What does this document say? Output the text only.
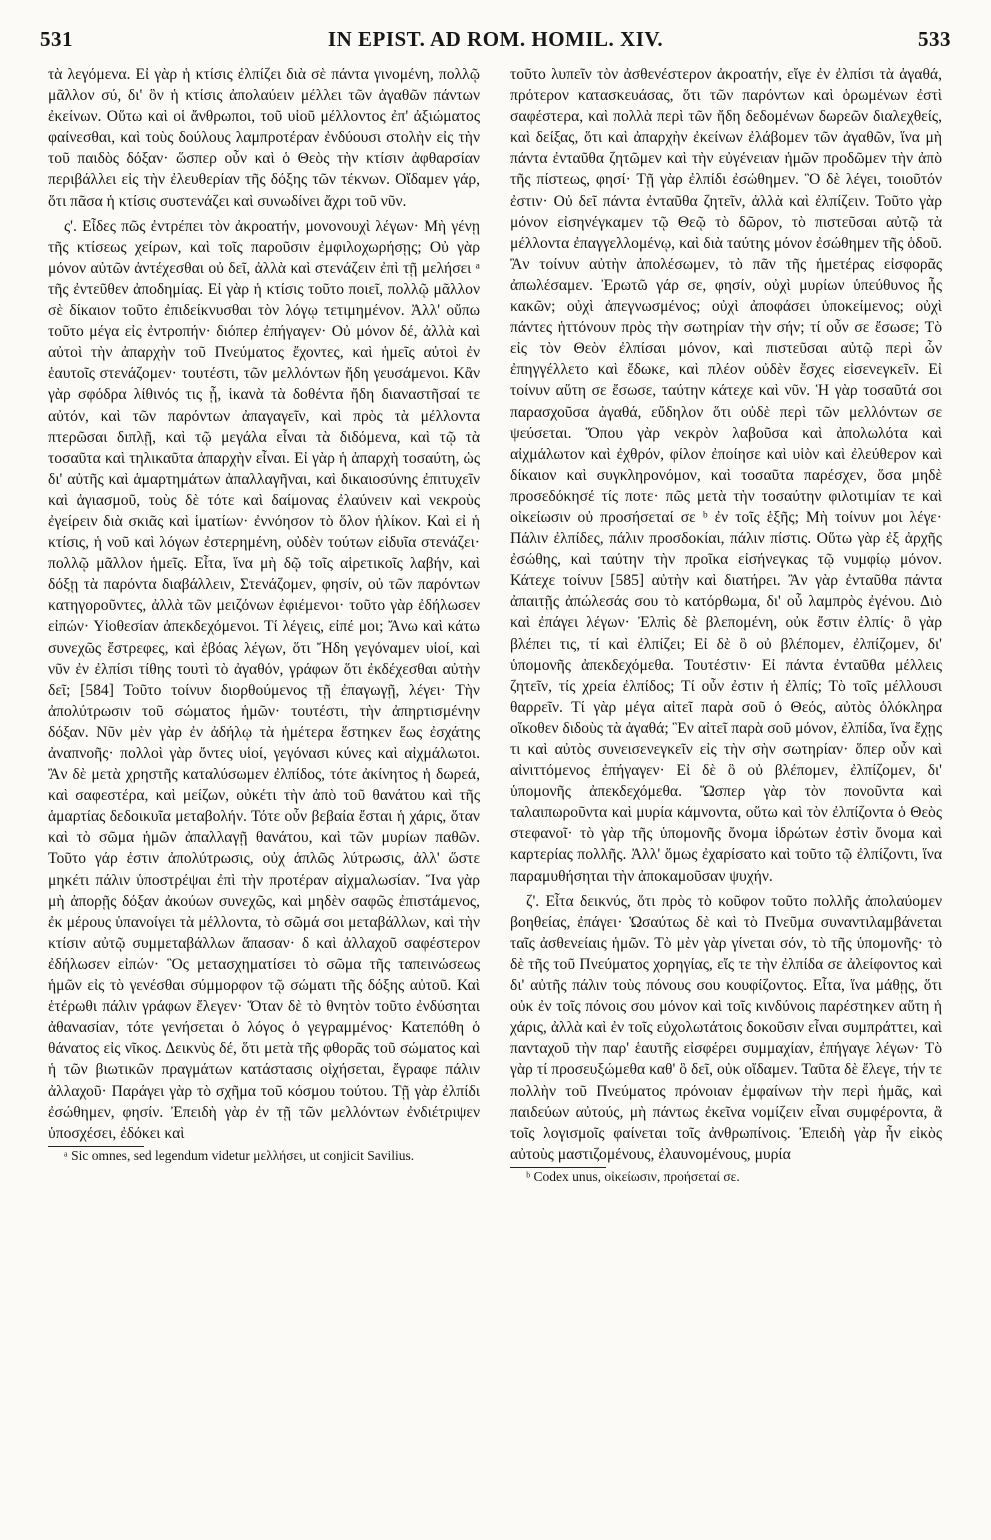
531	IN EPIST. AD ROM. HOMIL. XIV.	533

τὰ λεγόμενα. Εἰ γὰρ ἡ κτίσις ἐλπίζει διὰ σὲ πάντα γινομένη, πολλῷ μᾶλλον σύ, δι' ὃν ἡ κτίσις ἀπολαύειν μέλλει τῶν ἀγαθῶν πάντων ἐκείνων. Οὕτω καὶ οἱ ἄνθρωποι, τοῦ υἱοῦ μέλλοντος ἐπ' ἀξιώματος φαίνεσθαι, καὶ τοὺς δούλους λαμπροτέραν ἐνδύουσι στολὴν εἰς τὴν τοῦ παιδὸς δόξαν· ὥσπερ οὖν καὶ ὁ Θεὸς τὴν κτίσιν ἀφθαρσίαν περιβάλλει εἰς τὴν ἐλευθερίαν τῆς δόξης τῶν τέκνων. Οἴδαμεν γάρ, ὅτι πᾶσα ἡ κτίσις συστενάζει καὶ συνωδίνει ἄχρι τοῦ νῦν.

ς'. Εἶδες πῶς ἐντρέπει τὸν ἀκροατήν, μονονουχὶ λέγων· Μὴ γένῃ τῆς κτίσεως χείρων, καὶ τοῖς παροῦσιν ἐμφιλοχωρήσῃς; Οὐ γὰρ μόνον αὐτῶν ἀντέχεσθαι οὐ δεῖ, ἀλλὰ καὶ στενάζειν ἐπὶ τῇ μελήσει ᵃ τῆς ἐντεῦθεν ἀποδημίας. Εἰ γὰρ ἡ κτίσις τοῦτο ποιεῖ, πολλῷ μᾶλλον σὲ δίκαιον τοῦτο ἐπιδείκνυσθαι τὸν λόγῳ τετιμημένον. Ἀλλ' οὔπω τοῦτο μέγα εἰς ἐντροπήν· διόπερ ἐπήγαγεν· Οὐ μόνον δέ, ἀλλὰ καὶ αὐτοὶ τὴν ἀπαρχὴν τοῦ Πνεύματος ἔχοντες, καὶ ἡμεῖς αὐτοὶ ἐν ἑαυτοῖς στενάζομεν· τουτέστι, τῶν μελλόντων ἤδη γευσάμενοι. Κἂν γὰρ σφόδρα λίθινός τις ᾖ, ἱκανὰ τὰ δοθέντα ἤδη διαναστῆσαί τε αὐτόν, καὶ τῶν παρόντων ἀπαγαγεῖν, καὶ πρὸς τὰ μέλλοντα πτερῶσαι διπλῇ, καὶ τῷ μεγάλα εἶναι τὰ διδόμενα, καὶ τῷ τὰ τοσαῦτα καὶ τηλικαῦτα ἀπαρχὴν εἶναι. Εἰ γὰρ ἡ ἀπαρχὴ τοσαύτη, ὡς δι' αὐτῆς καὶ ἁμαρτημάτων ἀπαλλαγῆναι, καὶ δικαιοσύνης ἐπιτυχεῖν καὶ ἁγιασμοῦ, τοὺς δὲ τότε καὶ δαίμονας ἐλαύνειν καὶ νεκροὺς ἐγείρειν διὰ σκιᾶς καὶ ἱματίων· ἐννόησον τὸ ὅλον ἡλίκον. Καὶ εἰ ἡ κτίσις, ἡ νοῦ καὶ λόγων ἐστερημένη, οὐδὲν τούτων εἰδυῖα στενάζει· πολλῷ μᾶλλον ἡμεῖς. Εἶτα, ἵνα μὴ δῷ τοῖς αἱρετικοῖς λαβήν, καὶ δόξῃ τὰ παρόντα διαβάλλειν, Στενάζομεν, φησίν, οὐ τῶν παρόντων κατηγοροῦντες, ἀλλὰ τῶν μειζόνων ἐφιέμενοι· τοῦτο γὰρ ἐδήλωσεν εἰπών· Υἱοθεσίαν ἀπεκδεχόμενοι. Τί λέγεις, εἰπέ μοι; Ἄνω καὶ κάτω συνεχῶς ἔστρεφες, καὶ ἐβόας λέγων, ὅτι Ἤδη γεγόναμεν υἱοί, καὶ νῦν ἐν ἐλπίσι τίθης τουτὶ τὸ ἀγαθόν, γράφων ὅτι ἐκδέχεσθαι αὐτὴν δεῖ; [584] Τοῦτο τοίνυν διορθούμενος τῇ ἐπαγωγῇ, λέγει· Τὴν ἀπολύτρωσιν τοῦ σώματος ἡμῶν· τουτέστι, τὴν ἀπηρτισμένην δόξαν. Νῦν μὲν γὰρ ἐν ἀδήλῳ τὰ ἡμέτερα ἕστηκεν ἕως ἐσχάτης ἀναπνοῆς· πολλοὶ γὰρ ὄντες υἱοί, γεγόνασι κύνες καὶ αἰχμάλωτοι. Ἂν δὲ μετὰ χρηστῆς καταλύσωμεν ἐλπίδος, τότε ἀκίνητος ἡ δωρεά, καὶ σαφεστέρα, καὶ μείζων, οὐκέτι τὴν ἀπὸ τοῦ θανάτου καὶ τῆς ἁμαρτίας δεδοικυῖα μεταβολήν. Τότε οὖν βεβαία ἔσται ἡ χάρις, ὅταν καὶ τὸ σῶμα ἡμῶν ἀπαλλαγῇ θανάτου, καὶ τῶν μυρίων παθῶν. Τοῦτο γάρ ἐστιν ἀπολύτρωσις, οὐχ ἁπλῶς λύτρωσις, ἀλλ' ὥστε μηκέτι πάλιν ὑποστρέψαι ἐπὶ τὴν προτέραν αἰχμαλωσίαν. Ἵνα γὰρ μὴ ἀπορῇς δόξαν ἀκούων συνεχῶς, καὶ μηδὲν σαφῶς ἐπιστάμενος, ἐκ μέρους ὑπανοίγει τὰ μέλλοντα, τὸ σῶμά σοι μεταβάλλων, καὶ τὴν κτίσιν αὐτῷ συμμεταβάλλων ἅπασαν· δ καὶ ἀλλαχοῦ σαφέστερον ἐδήλωσεν εἰπών· Ὃς μετασχηματίσει τὸ σῶμα τῆς ταπεινώσεως ἡμῶν εἰς τὸ γενέσθαι σύμμορφον τῷ σώματι τῆς δόξης αὐτοῦ. Καὶ ἑτέρωθι πάλιν γράφων ἔλεγεν· Ὅταν δὲ τὸ θνητὸν τοῦτο ἐνδύσηται ἀθανασίαν, τότε γενήσεται ὁ λόγος ὁ γεγραμμένος· Κατεπόθη ὁ θάνατος εἰς νῖκος. Δεικνὺς δέ, ὅτι μετὰ τῆς φθορᾶς τοῦ σώματος καὶ ἡ τῶν βιωτικῶν πραγμάτων κατάστασις οἰχήσεται, ἔγραφε πάλιν ἀλλαχοῦ· Παράγει γὰρ τὸ σχῆμα τοῦ κόσμου τούτου. Τῇ γὰρ ἐλπίδι ἐσώθημεν, φησίν. Ἐπειδὴ γὰρ ἐν τῇ τῶν μελλόντων ἐνδιέτριψεν ὑποσχέσει, ἐδόκει καὶ

ᵃ Sic omnes, sed legendum videtur μελλήσει, ut conjicit Savilius.

τοῦτο λυπεῖν τὸν ἀσθενέστερον ἀκροατήν, εἴγε ἐν ἐλπίσι τὰ ἀγαθά, πρότερον κατασκευάσας, ὅτι τῶν παρόντων καὶ ὁρωμένων ἐστὶ σαφέστερα, καὶ πολλὰ περὶ τῶν ἤδη δεδομένων δωρεῶν διαλεχθείς, καὶ δείξας, ὅτι καὶ ἀπαρχὴν ἐκείνων ἐλάβομεν τῶν ἀγαθῶν, ἵνα μὴ πάντα ἐνταῦθα ζητῶμεν καὶ τὴν εὐγένειαν ἡμῶν προδῶμεν τὴν ἀπὸ τῆς πίστεως, φησί· Τῇ γὰρ ἐλπίδι ἐσώθημεν. Ὃ δὲ λέγει, τοιοῦτόν ἐστιν· Οὐ δεῖ πάντα ἐνταῦθα ζητεῖν, ἀλλὰ καὶ ἐλπίζειν. Τοῦτο γὰρ μόνον εἰσηνέγκαμεν τῷ Θεῷ τὸ δῶρον, τὸ πιστεῦσαι αὐτῷ τὰ μέλλοντα ἐπαγγελλομένῳ, καὶ διὰ ταύτης μόνον ἐσώθημεν τῆς ὁδοῦ. Ἂν τοίνυν αὐτὴν ἀπολέσωμεν, τὸ πᾶν τῆς ἡμετέρας εἰσφορᾶς ἀπωλέσαμεν. Ἐρωτῶ γάρ σε, φησίν, οὐχὶ μυρίων ὑπεύθυνος ἦς κακῶν; οὐχὶ ἀπεγνωσμένος; οὐχὶ ἀποφάσει ὑποκείμενος; οὐχὶ πάντες ἡττόνουν πρὸς τὴν σωτηρίαν τὴν σήν; τί οὖν σε ἔσωσε; Τὸ εἰς τὸν Θεὸν ἐλπίσαι μόνον, καὶ πιστεῦσαι αὐτῷ περὶ ὧν ἐπηγγέλλετο καὶ ἔδωκε, καὶ πλέον οὐδὲν ἔσχες εἰσενεγκεῖν. Εἰ τοίνυν αὕτη σε ἔσωσε, ταύτην κάτεχε καὶ νῦν. Ἡ γὰρ τοσαῦτά σοι παρασχοῦσα ἀγαθά, εὔδηλον ὅτι οὐδὲ περὶ τῶν μελλόντων σε ψεύσεται. Ὅπου γὰρ νεκρὸν λαβοῦσα καὶ ἀπολωλότα καὶ αἰχμάλωτον καὶ ἐχθρόν, φίλον ἐποίησε καὶ υἱὸν καὶ ἐλεύθερον καὶ δίκαιον καὶ συγκληρονόμον, καὶ τοσαῦτα παρέσχεν, ὅσα μηδὲ προσεδόκησέ τίς ποτε· πῶς μετὰ τὴν τοσαύτην φιλοτιμίαν τε καὶ οἰκείωσιν οὐ προσήσεταί σε ᵇ ἐν τοῖς ἑξῆς; Μὴ τοίνυν μοι λέγε· Πάλιν ἐλπίδες, πάλιν προσδοκίαι, πάλιν πίστις. Οὕτω γὰρ ἐξ ἀρχῆς ἐσώθης, καὶ ταύτην τὴν προῖκα εἰσήνεγκας τῷ νυμφίῳ μόνον. Κάτεχε τοίνυν [585] αὐτὴν καὶ διατήρει. Ἂν γὰρ ἐνταῦθα πάντα ἀπαιτῇς ἀπώλεσάς σου τὸ κατόρθωμα, δι' οὗ λαμπρὸς ἐγένου. Διὸ καὶ ἐπάγει λέγων· Ἐλπὶς δὲ βλεπομένη, οὐκ ἔστιν ἐλπίς· ὃ γὰρ βλέπει τις, τί καὶ ἐλπίζει; Εἰ δὲ ὃ οὐ βλέπομεν, ἐλπίζομεν, δι' ὑπομονῆς ἀπεκδεχόμεθα. Τουτέστιν· Εἰ πάντα ἐνταῦθα μέλλεις ζητεῖν, τίς χρεία ἐλπίδος; Τί οὖν ἐστιν ἡ ἐλπίς; Τὸ τοῖς μέλλουσι θαρρεῖν. Τί γὰρ μέγα αἰτεῖ παρὰ σοῦ ὁ Θεός, αὐτὸς ὁλόκληρα οἴκοθεν διδοὺς τὰ ἀγαθά; Ἓν αἰτεῖ παρὰ σοῦ μόνον, ἐλπίδα, ἵνα ἔχῃς τι καὶ αὐτὸς συνεισενεγκεῖν εἰς τὴν σὴν σωτηρίαν· ὅπερ οὖν καὶ αἰνιττόμενος ἐπήγαγεν· Εἰ δὲ ὃ οὐ βλέπομεν, ἐλπίζομεν, δι' ὑπομονῆς ἀπεκδεχόμεθα. Ὥσπερ γὰρ τὸν πονοῦντα καὶ ταλαιπωροῦντα καὶ μυρία κάμνοντα, οὕτω καὶ τὸν ἐλπίζοντα ὁ Θεὸς στεφανοῖ· τὸ γὰρ τῆς ὑπομονῆς ὄνομα ἱδρώτων ἐστὶν ὄνομα καὶ καρτερίας πολλῆς. Ἀλλ' ὅμως ἐχαρίσατο καὶ τοῦτο τῷ ἐλπίζοντι, ἵνα παραμυθήσηται τὴν ἀποκαμοῦσαν ψυχήν.

ζ'. Εἶτα δεικνύς, ὅτι πρὸς τὸ κοῦφον τοῦτο πολλῆς ἀπολαύομεν βοηθείας, ἐπάγει· Ὡσαύτως δὲ καὶ τὸ Πνεῦμα συναντιλαμβάνεται ταῖς ἀσθενείαις ἡμῶν. Τὸ μὲν γὰρ γίνεται σόν, τὸ τῆς ὑπομονῆς· τὸ δὲ τῆς τοῦ Πνεύματος χορηγίας, εἴς τε τὴν ἐλπίδα σε ἀλείφοντος καὶ δι' αὐτῆς πάλιν τοὺς πόνους σου κουφίζοντος. Εἶτα, ἵνα μάθῃς, ὅτι οὐκ ἐν τοῖς πόνοις σου μόνον καὶ τοῖς κινδύνοις παρέστηκεν αὕτη ἡ χάρις, ἀλλὰ καὶ ἐν τοῖς εὐχολωτάτοις δοκοῦσιν εἶναι συμπράττει, καὶ πανταχοῦ τὴν παρ' ἑαυτῆς εἰσφέρει συμμαχίαν, ἐπήγαγε λέγων· Τὸ γὰρ τί προσευξώμεθα καθ' ὃ δεῖ, οὐκ οἴδαμεν. Ταῦτα δὲ ἔλεγε, τήν τε πολλὴν τοῦ Πνεύματος πρόνοιαν ἐμφαίνων τὴν περὶ ἡμᾶς, καὶ παιδεύων αὐτούς, μὴ πάντως ἐκεῖνα νομίζειν εἶναι συμφέροντα, ἃ τοῖς λογισμοῖς φαίνεται τοῖς ἀνθρωπίνοις. Ἐπειδὴ γὰρ ἦν εἰκὸς αὐτοὺς μαστιζομένους, ἐλαυνομένους, μυρία

ᵇ Codex unus, οἰκείωσιν, προήσεταί σε.
